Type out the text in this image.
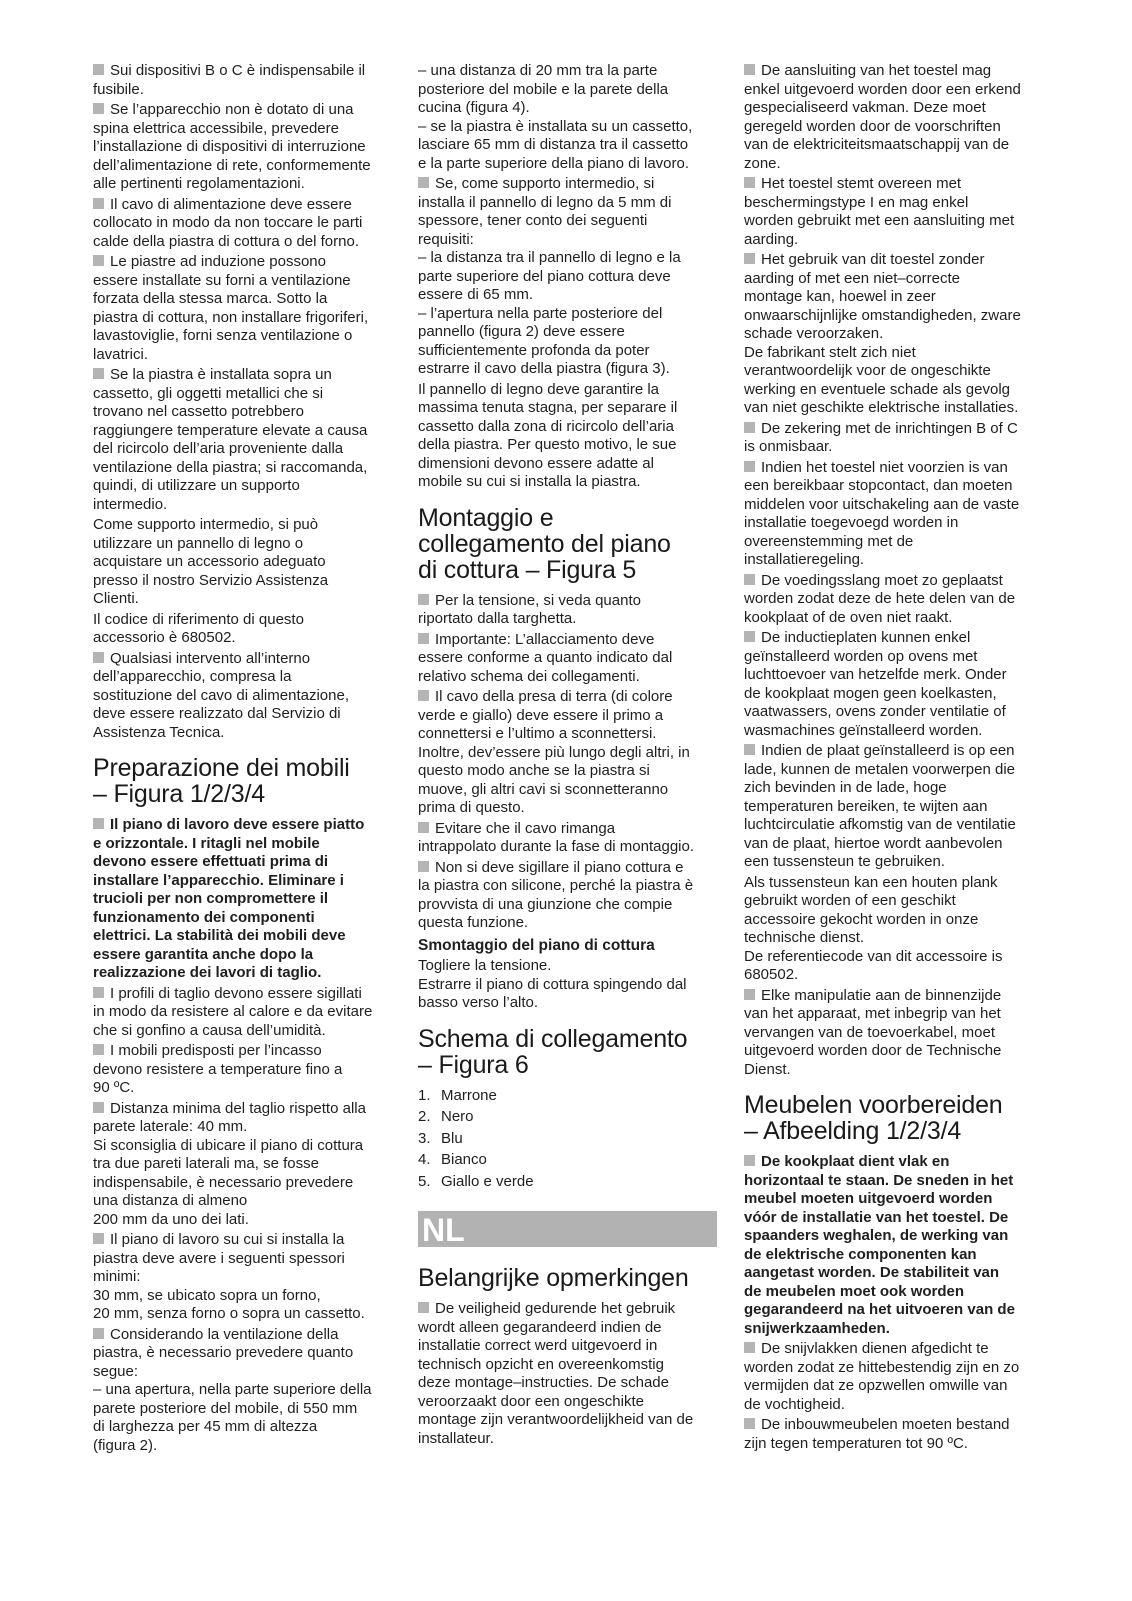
Sui dispositivi B o C è indispensabile il
fusibile.
Se l’apparecchio non è dotato di una
spina elettrica accessibile, prevedere
l’installazione di dispositivi di interruzione
dell’alimentazione di rete, conformemente
alle pertinenti regolamentazioni.
Il cavo di alimentazione deve essere
collocato in modo da non toccare le parti
calde della piastra di cottura o del forno.
Le piastre ad induzione possono
essere installate su forni a ventilazione
forzata della stessa marca. Sotto la
piastra di cottura, non installare frigoriferi,
lavastoviglie, forni senza ventilazione o
lavatrici.
Se la piastra è installata sopra un
cassetto, gli oggetti metallici che si
trovano nel cassetto potrebbero
raggiungere temperature elevate a causa
del ricircolo dell’aria proveniente dalla
ventilazione della piastra; si raccomanda,
quindi, di utilizzare un supporto
intermedio.
Come supporto intermedio, si può
utilizzare un pannello di legno o
acquistare un accessorio adeguato
presso il nostro Servizio Assistenza
Clienti.
Il codice di riferimento di questo
accessorio è 680502.
Qualsiasi intervento all’interno
dell’apparecchio, compresa la
sostituzione del cavo di alimentazione,
deve essere realizzato dal Servizio di
Assistenza Tecnica.
Preparazione dei mobili
– Figura 1/2/3/4
Il piano di lavoro deve essere piatto
e orizzontale. I ritagli nel mobile
devono essere effettuati prima di
installare l’apparecchio. Eliminare i
trucioli per non compromettere il
funzionamento dei componenti
elettrici. La stabilità dei mobili deve
essere garantita anche dopo la
realizzazione dei lavori di taglio.
I profili di taglio devono essere sigillati
in modo da resistere al calore e da evitare
che si gonfino a causa dell’umidità.
I mobili predisposti per l’incasso
devono resistere a temperature fino a
90 ºC.
Distanza minima del taglio rispetto alla
parete laterale: 40 mm.
Si sconsiglia di ubicare il piano di cottura
tra due pareti laterali ma, se fosse
indispensabile, è necessario prevedere
una distanza di almeno
200 mm da uno dei lati.
Il piano di lavoro su cui si installa la
piastra deve avere i seguenti spessori
minimi:
30 mm, se ubicato sopra un forno,
20 mm, senza forno o sopra un cassetto.
Considerando la ventilazione della
piastra, è necessario prevedere quanto
segue:
– una apertura, nella parte superiore della
parete posteriore del mobile, di 550 mm
di larghezza per 45 mm di altezza
(figura 2).
– una distanza di 20 mm tra la parte
posteriore del mobile e la parete della
cucina (figura 4).
– se la piastra è installata su un cassetto,
lasciare 65 mm di distanza tra il cassetto
e la parte superiore della piano di lavoro.
Se, come supporto intermedio, si
installa il pannello di legno da 5 mm di
spessore, tener conto dei seguenti
requisiti:
– la distanza tra il pannello di legno e la
parte superiore del piano cottura deve
essere di 65 mm.
– l’apertura nella parte posteriore del
pannello (figura 2) deve essere
sufficientemente profonda da poter
estrarre il cavo della piastra (figura 3).
Il pannello di legno deve garantire la
massima tenuta stagna, per separare il
cassetto dalla zona di ricircolo dell’aria
della piastra. Per questo motivo, le sue
dimensioni devono essere adatte al
mobile su cui si installa la piastra.
Montaggio e
collegamento del piano
di cottura – Figura 5
Per la tensione, si veda quanto
riportato dalla targhetta.
Importante: L’allacciamento deve
essere conforme a quanto indicato dal
relativo schema dei collegamenti.
Il cavo della presa di terra (di colore
verde e giallo) deve essere il primo a
connettersi e l’ultimo a sconnettersi.
Inoltre, dev’essere più lungo degli altri, in
questo modo anche se la piastra si
muove, gli altri cavi si sconnetteranno
prima di questo.
Evitare che il cavo rimanga
intrappolato durante la fase di montaggio.
Non si deve sigillare il piano cottura e
la piastra con silicone, perché la piastra è
provvista di una giunzione che compie
questa funzione.
Smontaggio del piano di cottura
Togliere la tensione.
Estrarre il piano di cottura spingendo dal
basso verso l’alto.
Schema di collegamento
– Figura 6
1. Marrone
2. Nero
3. Blu
4. Bianco
5. Giallo e verde
NL
Belangrijke opmerkingen
De veiligheid gedurende het gebruik
wordt alleen gegarandeerd indien de
installatie correct werd uitgevoerd in
technisch opzicht en overeenkomstig
deze montage–instructies. De schade
veroorzaakt door een ongeschikte
montage zijn verantwoordelijkheid van de
installateur.
De aansluiting van het toestel mag
enkel uitgevoerd worden door een erkend
gespecialiseerd vakman. Deze moet
geregeld worden door de voorschriften
van de elektriciteitsmaatschappij van de
zone.
Het toestel stemt overeen met
beschermingstype I en mag enkel
worden gebruikt met een aansluiting met
aarding.
Het gebruik van dit toestel zonder
aarding of met een niet–correcte
montage kan, hoewel in zeer
onwaarschijnlijke omstandigheden, zware
schade veroorzaken.
De fabrikant stelt zich niet
verantwoordelijk voor de ongeschikte
werking en eventuele schade als gevolg
van niet geschikte elektrische installaties.
De zekering met de inrichtingen B of C
is onmisbaar.
Indien het toestel niet voorzien is van
een bereikbaar stopcontact, dan moeten
middelen voor uitschakeling aan de vaste
installatie toegevoegd worden in
overeenstemming met de
installatieregeling.
De voedingsslang moet zo geplaatst
worden zodat deze de hete delen van de
kookplaat of de oven niet raakt.
De inductieplaten kunnen enkel
geïnstalleerd worden op ovens met
luchttoevoer van hetzelfde merk. Onder
de kookplaat mogen geen koelkasten,
vaatwassers, ovens zonder ventilatie of
wasmachines geïnstalleerd worden.
Indien de plaat geïnstalleerd is op een
lade, kunnen de metalen voorwerpen die
zich bevinden in de lade, hoge
temperaturen bereiken, te wijten aan
luchtcirculatie afkomstig van de ventilatie
van de plaat, hiertoe wordt aanbevolen
een tussensteun te gebruiken.
Als tussensteun kan een houten plank
gebruikt worden of een geschikt
accessoire gekocht worden in onze
technische dienst.
De referentiecode van dit accessoire is
680502.
Elke manipulatie aan de binnenzijde
van het apparaat, met inbegrip van het
vervangen van de toevoerkabel, moet
uitgevoerd worden door de Technische
Dienst.
Meubelen voorbereiden
– Afbeelding 1/2/3/4
De kookplaat dient vlak en
horizontaal te staan. De sneden in het
meubel moeten uitgevoerd worden
vóór de installatie van het toestel. De
spaanders weghalen, de werking van
de elektrische componenten kan
aangetast worden. De stabiliteit van
de meubelen moet ook worden
gegarandeerd na het uitvoeren van de
snijwerkzaamheden.
De snijvlakken dienen afgedicht te
worden zodat ze hittebestendig zijn en zo
vermijden dat ze opzwellen omwille van
de vochtigheid.
De inbouwmeubelen moeten bestand
zijn tegen temperaturen tot 90 ºC.
